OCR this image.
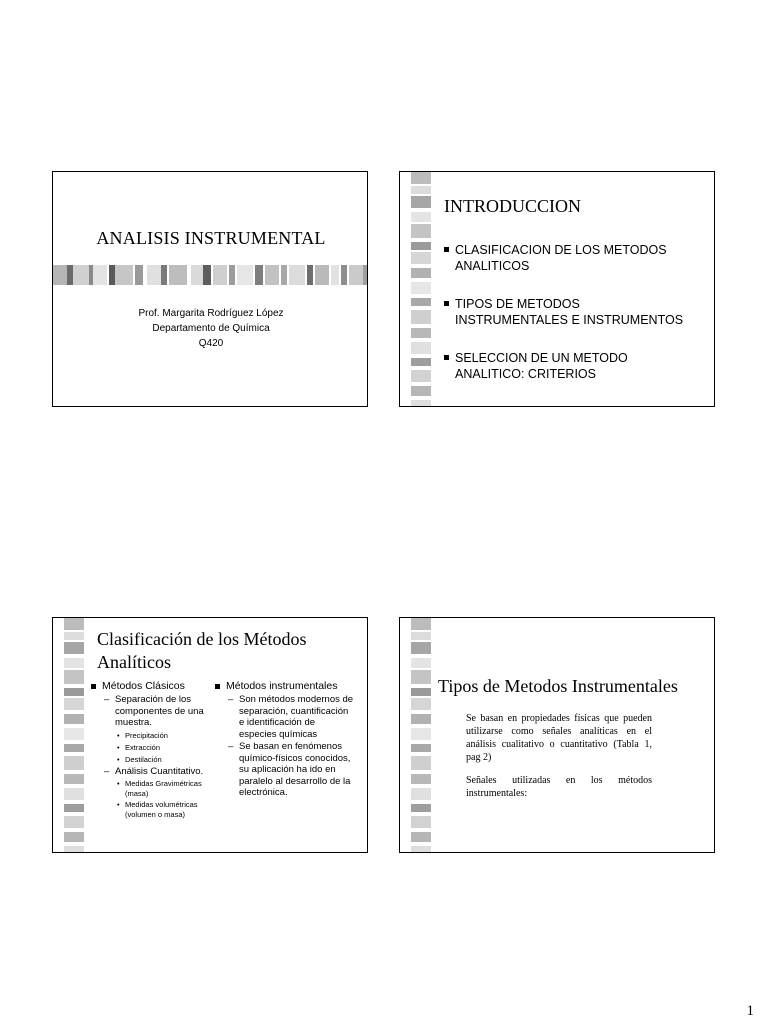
ANALISIS INSTRUMENTAL
Prof. Margarita Rodríguez López
Departamento de Química
Q420
INTRODUCCION
CLASIFICACION DE LOS METODOS
ANALITICOS
TIPOS DE METODOS
INSTRUMENTALES E INSTRUMENTOS
SELECCION DE UN METODO
ANALITICO: CRITERIOS
Clasificación de los Métodos
Analíticos
Métodos Clásicos
– Separación de los
componentes de una
muestra.
• Precipitación
• Extracción
• Destilación
– Análisis Cuantitativo.
• Medidas Gravimétricas
(masa)
• Medidas volumétricas
(volumen o masa)
Métodos instrumentales
– Son métodos modernos de
separación, cuantificación
e identificación de
especies químicas
– Se basan en fenómenos
químico-físicos conocidos,
su aplicación ha ido en
paralelo al desarrollo de la
electrónica.
Tipos de Metodos Instrumentales
Se basan en propiedades físicas que pueden utilizarse como señales analíticas en el análisis cualitativo o cuantitativo (Tabla 1, pag 2)
Señales utilizadas en los métodos instrumentales:
1
